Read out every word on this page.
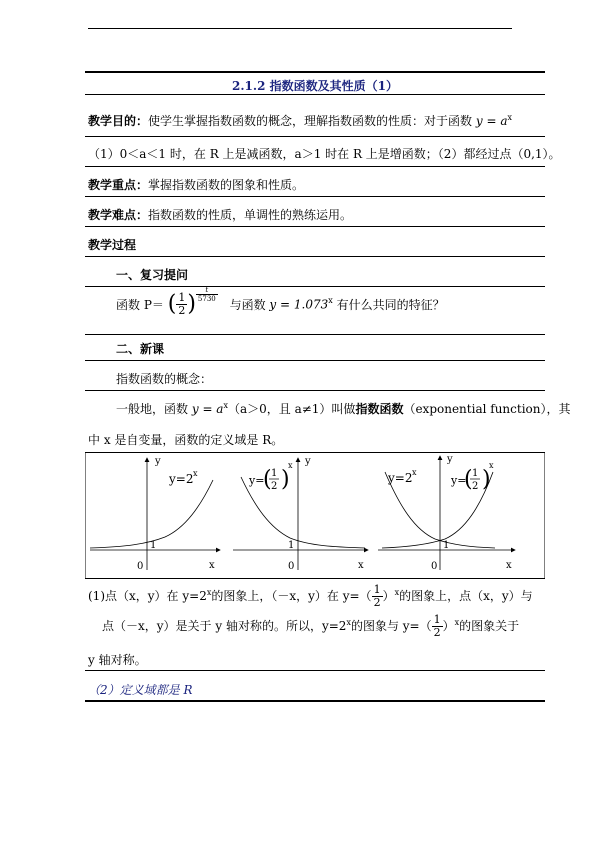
2.1.2 指数函数及其性质（1）
教学目的：使学生掌握指数函数的概念，理解指数函数的性质：对于函数 $y = a^x$
（1）0＜a＜1 时，在 R 上是减函数，a＞1 时在 R 上是增函数；（2）都经过点（0,1）。
教学重点：掌握指数函数的图象和性质。
教学难点：指数函数的性质，单调性的熟练运用。
教学过程
一、复习提问
函数 P＝ ( $\frac{1}{2}$ ) $\frac{t}{5730}$
与函数 $y = 1.073^x$ 有什么共同的特征？
二、新课
指数函数的概念：
一般地，函数 $y = a^x(a>0$，且 a≠1）叫做指数函数（exponential function），其
中 x 是自变量，函数的定义域是 R。
y
x
0
1
y=2 x
y
x
0
1
y=
( 1
2 )
x
y
x
0
1
y=2 x
y=
( 1
2 )
x
(1)点（x，y）在 $y=2^x$的图象上，（－x，y）在 $y=( \frac{1}{2} )^x$的图象上，点（x，y）与
点（－x，y）是关于 y 轴对称的。所以，$y=2^x$的图象与 $y=( \frac{1}{2} )^x$的图象关于
y 轴对称。
（2）定义域都是 R
